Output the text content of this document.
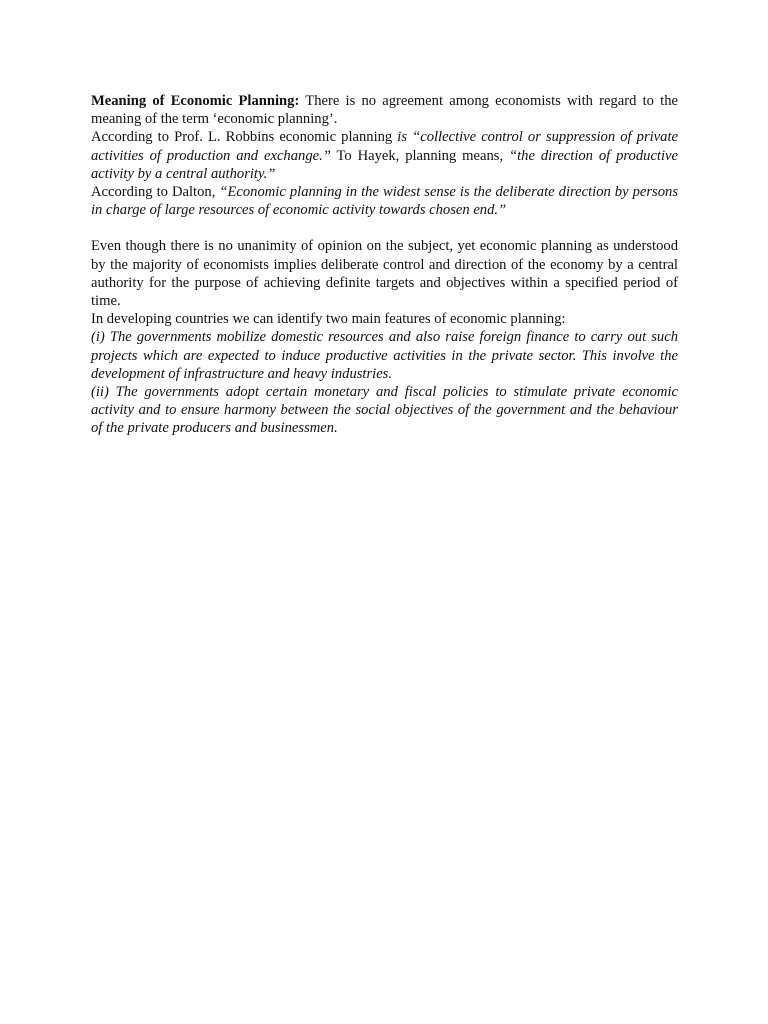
Meaning of Economic Planning: There is no agreement among economists with regard to the meaning of the term ‘economic planning’.

According to Prof. L. Robbins economic planning is “collective control or suppression of private activities of production and exchange.” To Hayek, planning means, “the direction of productive activity by a central authority.”

According to Dalton, “Economic planning in the widest sense is the deliberate direction by persons in charge of large resources of economic activity towards chosen end.”

Even though there is no unanimity of opinion on the subject, yet economic planning as understood by the majority of economists implies deliberate control and direction of the economy by a central authority for the purpose of achieving definite targets and objectives within a specified period of time.

In developing countries we can identify two main features of economic planning:

(i) The governments mobilize domestic resources and also raise foreign finance to carry out such projects which are expected to induce productive activities in the private sector. This involve the development of infrastructure and heavy industries.

(ii) The governments adopt certain monetary and fiscal policies to stimulate private economic activity and to ensure harmony between the social objectives of the government and the behaviour of the private producers and businessmen.
